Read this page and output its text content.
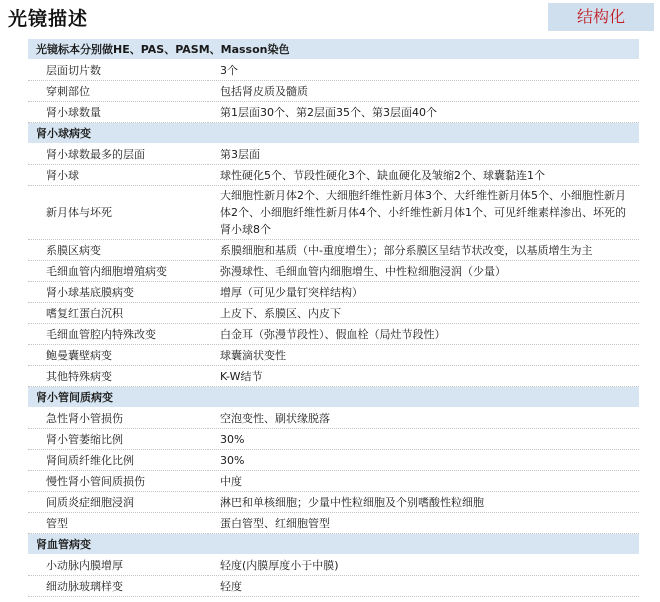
光镜描述	结构化
光镜标本分别做HE、PAS、PASM、Masson染色	
层面切片数	3个
穿刺部位	包括肾皮质及髓质
肾小球数量	第1层面30个、第2层面35个、第3层面40个
肾小球病变	
肾小球数最多的层面	第3层面
肾小球	球性硬化5个、节段性硬化3个、缺血硬化及皱缩2个、球囊黏连1个
新月体与坏死	大细胞性新月体2个、大细胞纤维性新月体3个、大纤维性新月体5个、小细胞性新月体2个、小细胞纤维性新月体4个、小纤维性新月体1个、可见纤维素样渗出、坏死的肾小球8个
系膜区病变	系膜细胞和基质（中-重度增生）；部分系膜区呈结节状改变，以基质增生为主
毛细血管内细胞增殖病变	弥漫球性、毛细血管内细胞增生、中性粒细胞浸润（少量）
肾小球基底膜病变	增厚（可见少量钉突样结构）
嗜复红蛋白沉积	上皮下、系膜区、内皮下
毛细血管腔内特殊改变	白金耳（弥漫节段性）、假血栓（局灶节段性）
鲍曼囊壁病变	球囊滴状变性
其他特殊病变	K-W结节
肾小管间质病变	
急性肾小管损伤	空泡变性、刷状缘脱落
肾小管萎缩比例	30%
肾间质纤维化比例	30%
慢性肾小管间质损伤	中度
间质炎症细胞浸润	淋巴和单核细胞；少量中性粒细胞及个别嗜酸性粒细胞
管型	蛋白管型、红细胞管型
肾血管病变	
小动脉内膜增厚	轻度(内膜厚度小于中膜)
细动脉玻璃样变	轻度
